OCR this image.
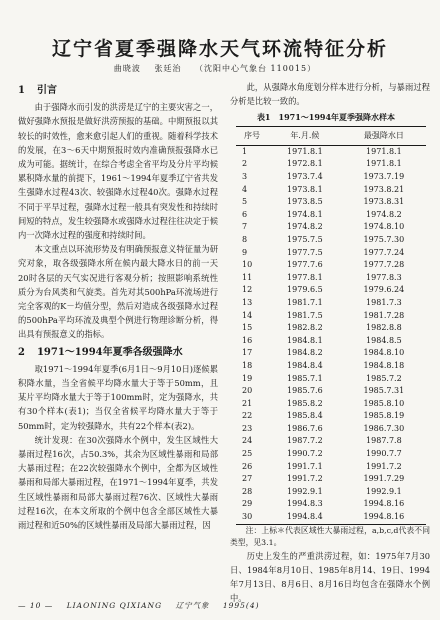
辽宁省夏季强降水天气环流特征分析
曲晓波 张廷治 （沈阳中心气象台 110015）
1 引言

由于强降水而引发的洪涝是辽宁的主要灾害之一，做好强降水预报是做好洪涝预报的基础。中期预报以其较长的时效性，愈来愈引起人们的重视。随着科学技术的发展，在3～6天中期预报时效内准确预报强降水已成为可能。据统计，在综合考虑全省平均及分片平均候累积降水量的前提下，1961～1994年夏季辽宁省共发生强降水过程43次、较强降水过程40次。强降水过程不同于平早过程，强降水过程一般具有突发性和持续时间短的特点，发生较强降水或强降水过程往往决定于候内一次降水过程的强度和持续时间。

本文重点以环流形势及有明确预报意义特征量为研究对象，取各级强降水所在候内最大降水日的前一天20时各层的天气实况进行客观分析；按照影响系统性质分为台风类和气旋类。首先对其500hPa环流场进行完全客观的K－均值分型，然后对造成各级强降水过程的500hPa平均环流及典型个例进行物理诊断分析，得出具有预报意义的指标。

2 1971～1994年夏季各级强降水

取1971～1994年夏季(6月1日～9月10日)逐候累积降水量，当全省候平均降水量大于等于50mm，且某片平均降水量大于等于100mm时，定为强降水，共有30个样本(表1)；当仅全省候平均降水量大于等于50mm时，定为较强降水，共有22个样本(表2)。

统计发现：在30次强降水个例中，发生区域性大暴雨过程16次，占50.3%，其余为区域性暴雨和局部大暴雨过程；在22次较强降水个例中，全都为区域性暴雨和局部大暴雨过程，在1971～1994年夏季，共发生区域性暴雨和局部大暴雨过程76次、区域性大暴雨过程16次，在本文所取的个例中包含全部区域性大暴雨过程和近50%的区域性暴雨及局部大暴雨过程，因

此，从强降水角度划分样本进行分析，与暴雨过程分析是比较一致的。

表1 1971～1994年夏季强降水样本
序号	年.月.候	最强降水日
1	1971.8.1	1971.8.1
2	1972.8.1	1971.8.1
3	1973.7.4	1973.7.19
4	1973.8.1	1973.8.21
5	1973.8.5	1973.8.31
6	1974.8.1	1974.8.2
7	1974.8.2	1974.8.10
8	1975.7.5	1975.7.30
9	1977.7.5	1977.7.24
10	1977.7.6	1977.7.28
11	1977.8.1	1977.8.3
12	1979.6.5	1979.6.24
13	1981.7.1	1981.7.3
14	1981.7.5	1981.7.28
15	1982.8.2	1982.8.8
16	1984.8.1	1984.8.5
17	1984.8.2	1984.8.10
18	1984.8.4	1984.8.18
19	1985.7.1	1985.7.2
20	1985.7.6	1985.7.31
21	1985.8.2	1985.8.10
22	1985.8.4	1985.8.19
23	1986.7.6	1986.7.30
24	1987.7.2	1987.7.8
25	1990.7.2	1990.7.7
26	1991.7.1	1991.7.2
27	1991.7.2	1991.7.29
28	1992.9.1	1992.9.1
29	1994.8.3	1994.8.16
30	1994.8.4	1994.8.16

注：上标＊代表区域性大暴雨过程，a,b,c,d代表不同类型，见3.1。

历史上发生的严重洪涝过程，如：1975年7月30日、1984年8月10日、1985年8月14、19日、1994年7月13日、8月6日、8月16日均包含在强降水个例中。

— 10 — LIAONING QIXIANG 辽宁气象 1995(4)
